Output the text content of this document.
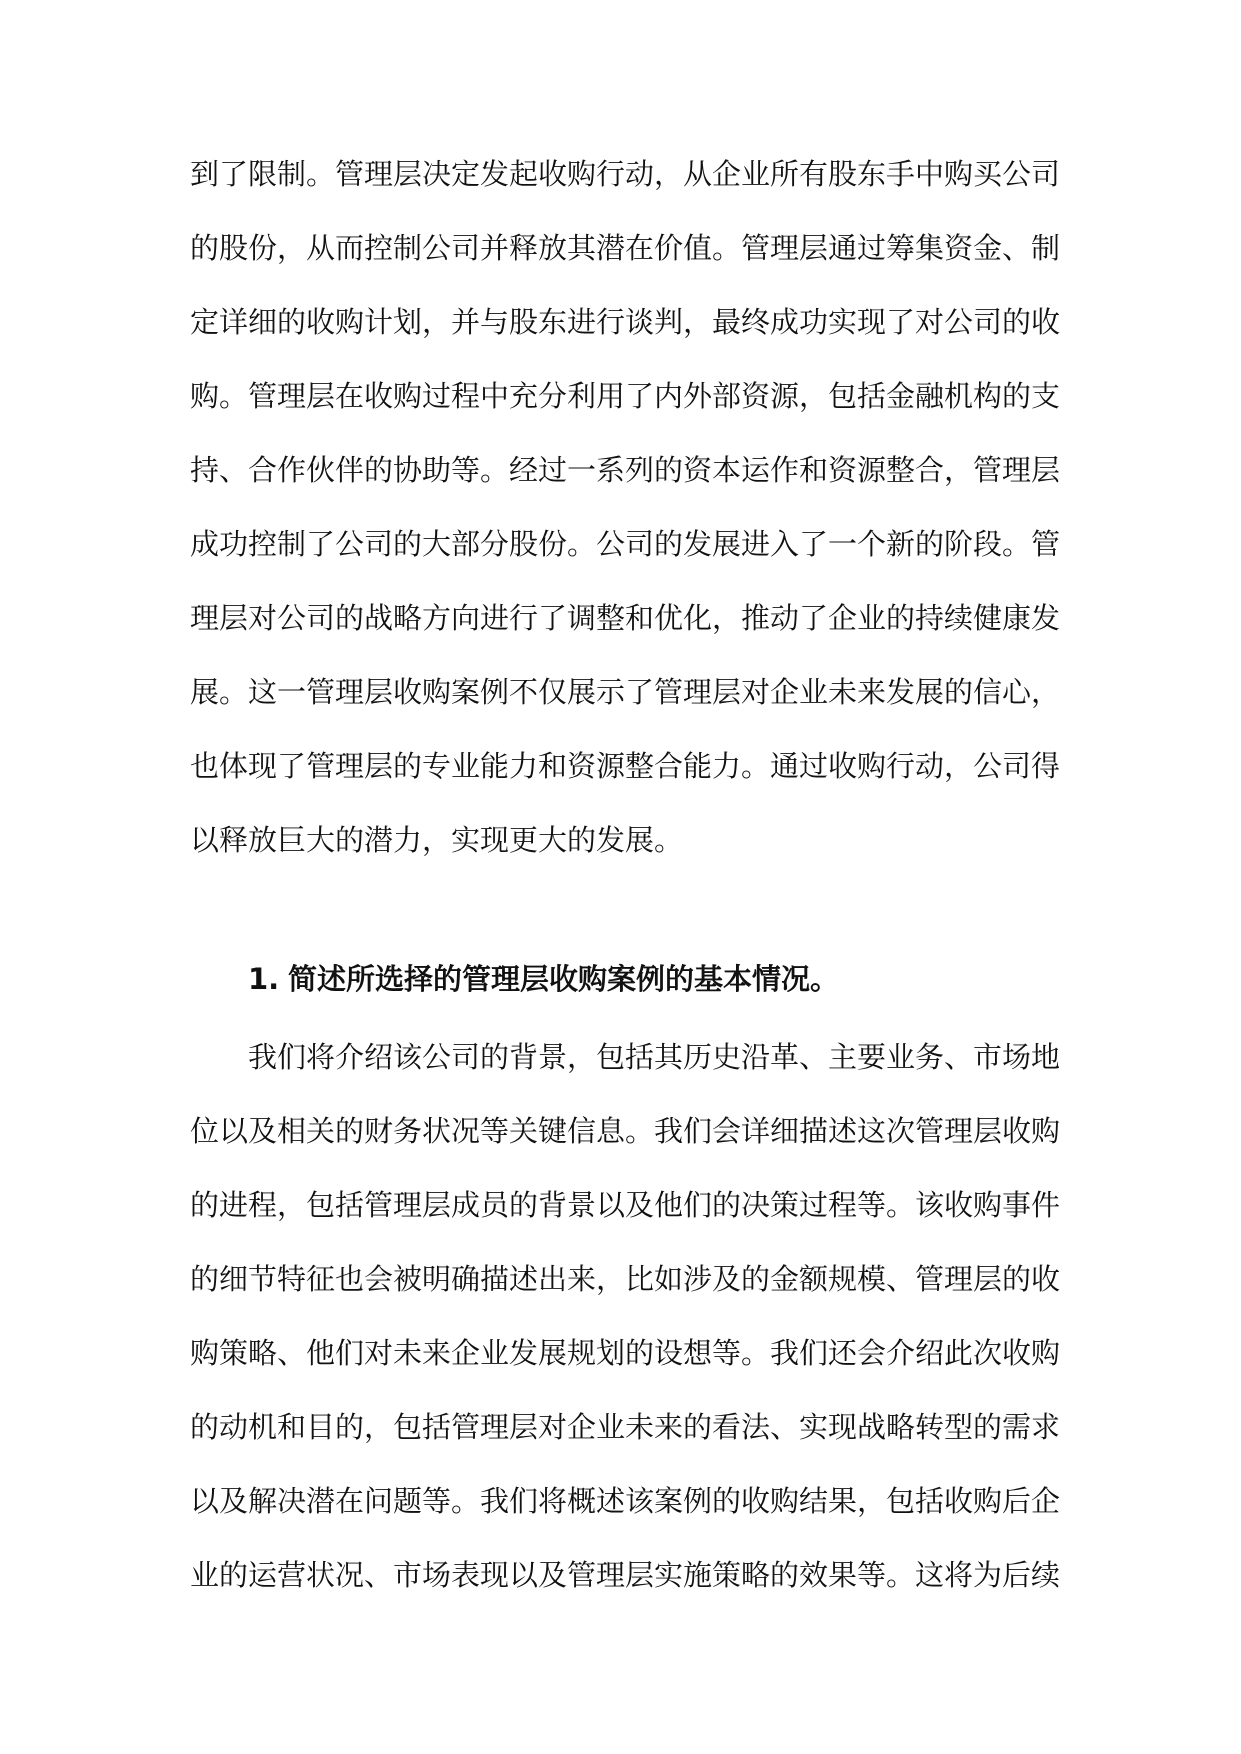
到了限制。管理层决定发起收购行动，从企业所有股东手中购买公司
的股份，从而控制公司并释放其潜在价值。管理层通过筹集资金、制
定详细的收购计划，并与股东进行谈判，最终成功实现了对公司的收
购。管理层在收购过程中充分利用了内外部资源，包括金融机构的支
持、合作伙伴的协助等。经过一系列的资本运作和资源整合，管理层
成功控制了公司的大部分股份。公司的发展进入了一个新的阶段。管
理层对公司的战略方向进行了调整和优化，推动了企业的持续健康发
展。这一管理层收购案例不仅展示了管理层对企业未来发展的信心，
也体现了管理层的专业能力和资源整合能力。通过收购行动，公司得
以释放巨大的潜力，实现更大的发展。
1. 简述所选择的管理层收购案例的基本情况。
我们将介绍该公司的背景，包括其历史沿革、主要业务、市场地
位以及相关的财务状况等关键信息。我们会详细描述这次管理层收购
的进程，包括管理层成员的背景以及他们的决策过程等。该收购事件
的细节特征也会被明确描述出来，比如涉及的金额规模、管理层的收
购策略、他们对未来企业发展规划的设想等。我们还会介绍此次收购
的动机和目的，包括管理层对企业未来的看法、实现战略转型的需求
以及解决潜在问题等。我们将概述该案例的收购结果，包括收购后企
业的运营状况、市场表现以及管理层实施策略的效果等。这将为后续
